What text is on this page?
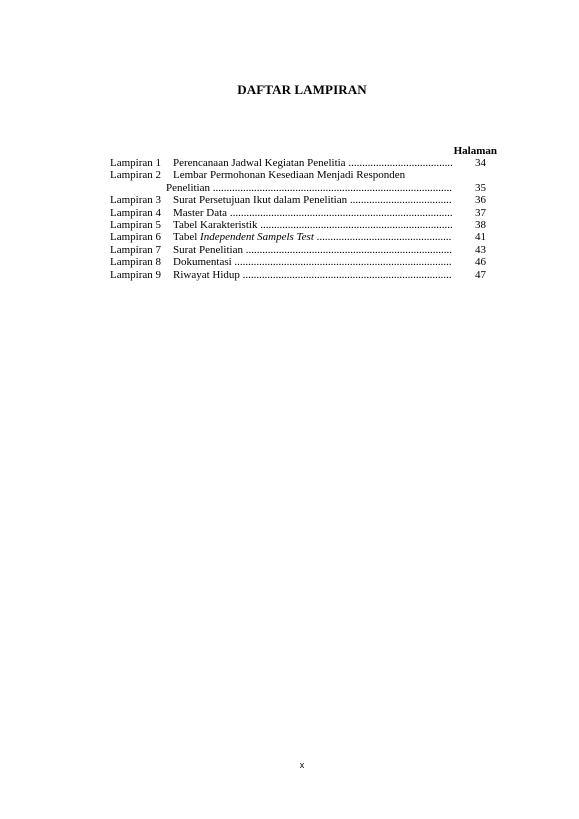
DAFTAR LAMPIRAN
Halaman
Lampiran 1	Perencanaan Jadwal Kegiatan Penelitia .....	34
Lampiran 2	Lembar Permohonan Kesediaan Menjadi Responden
Penelitian .....	35
Lampiran 3	Surat Persetujuan Ikut dalam Penelitian .....	36
Lampiran 4	Master Data .....	37
Lampiran 5	Tabel Karakteristik .....	38
Lampiran 6	Tabel Independent Sampels Test .....	41
Lampiran 7	Surat Penelitian .....	43
Lampiran 8	Dokumentasi .....	46
Lampiran 9	Riwayat Hidup .....	47
x
